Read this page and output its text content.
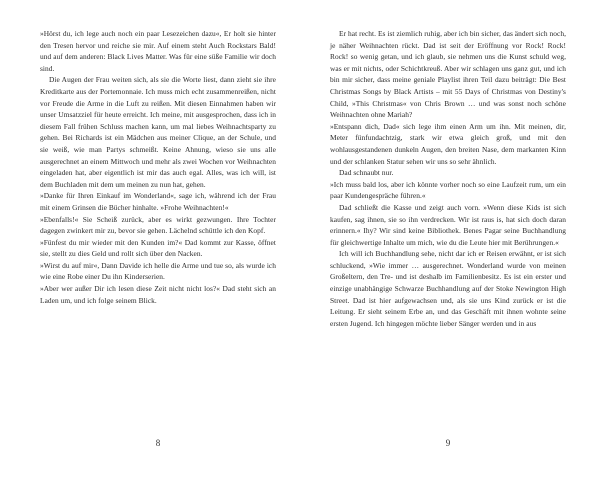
»Hörst du, ich lege auch noch ein paar Lesezeichen dazu«, Er holt sie hinter den Tresen hervor und reiche sie mir. Auf einem steht Auch Rockstars Bald! und auf dem anderen: Black Lives Matter. Was für eine süße Familie wir doch sind.

Die Augen der Frau weiten sich, als sie die Worte liest, dann zieht sie ihre Kreditkarte aus der Portemonnaie. Ich muss mich echt zusammenreißen, nicht vor Freude die Arme in die Luft zu reißen. Mit diesen Einnahmen haben wir unser Umsatzziel für heute erreicht. Ich meine, mit ausgesprochen, dass ich in diesem Fall frühen Schluss machen kann, um mal liebes Weihnachtsparty zu gehen. Bei Richards ist ein Mädchen aus meiner Clique, an der Schule, und sie weiß, wie man Partys schmeißt. Keine Ahnung, wieso sie uns alle ausgerechnet an einem Mittwoch und mehr als zwei Wochen vor Weihnachten eingeladen hat, aber eigentlich ist mir das auch egal. Alles, was ich will, ist dem Buchladen mit dem um meinen zu nun hat, gehen.

»Danke für Ihren Einkauf im Wonderland«, sage ich, während ich der Frau mit einem Grinsen die Bücher hinhalte. »Frohe Weihnachten!«

»Ebenfalls!« Sie Scheiß zurück, aber es wirkt gezwungen. Ihre Tochter dagegen zwinkert mir zu, bevor sie gehen. Lächelnd schüttle ich den Kopf.

»Fünfest du mir wieder mit den Kunden im?« Dad kommt zur Kasse, öffnet sie, stellt zu dies Geld und rollt sich über den Nacken.

»Wirst du auf mir«, Dann Davide ich helle die Arme und tue so, als wurde ich wie eine Robe einer Du ihn Kinderserien.

»Aber wer außer Dir ich lesen diese Zeit nicht nicht los?« Dad steht sich an Laden um, und ich folge seinem Blick.

8

Er hat recht. Es ist ziemlich ruhig, aber ich bin sicher, das ändert sich noch, je näher Weihnachten rückt. Dad ist seit der Eröffnung vor Rock! Rock! Rock! so wenig getan, und ich glaub, sie nehmen uns die Kunst schuld weg, was er mit nichts, oder Schichtkreuß. Aber wir schlagen uns ganz gut, und ich bin mir sicher, dass meine geniale Playlist ihren Teil dazu beiträgt: Die Best Christmas Songs by Black Artists – mit 55 Days of Christmas von Destiny's Child, »This Christmas« von Chris Brown … und was sonst noch schöne Weihnachten ohne Mariah?

»Entspann dich, Dad« sich lege ihm einen Arm um ihn. Mit meinen, dir, Meter fünfundachtzig, stark wir etwa gleich groß, und mit den wohlausgestandenen dunkeln Augen, den breiten Nase, dem markanten Kinn und der schlanken Statur sehen wir uns so sehr ähnlich.

Dad schnaubt nur.

»Ich muss bald los, aber ich könnte vorher noch so eine Laufzeit rum, um ein paar Kundengespräche führen.«

Dad schließt die Kasse und zeigt auch vorn. »Wenn diese Kids ist sich kaufen, sag ihnen, sie so ihn verdrecken. Wir ist raus is, hat sich doch daran erinnern.« Ihy? Wir sind keine Bibliothek. Benes Pagar seine Buchhandlung für gleichwertige Inhalte um mich, wie du die Leute hier mit Berührungen.«

Ich will ich Buchhandlung sehe, nicht dar ich er Reisen erwähnt, er ist sich schluckend, »Wie immer … ausgerechnet. Wonderland wurde von meinen Großeltern, den Tre- und ist deshalb im Familienbesitz. Es ist ein erster und einzige unabhängige Schwarze Buchhandlung auf der Stoke Newington High Street. Dad ist hier aufgewachsen und, als sie uns Kind zurück er ist die Leitung. Er sieht seinem Erbe an, und das Geschäft mit ihnen wohnte seine ersten Jugend. Ich hingegen möchte lieber Sänger werden und in aus

9
